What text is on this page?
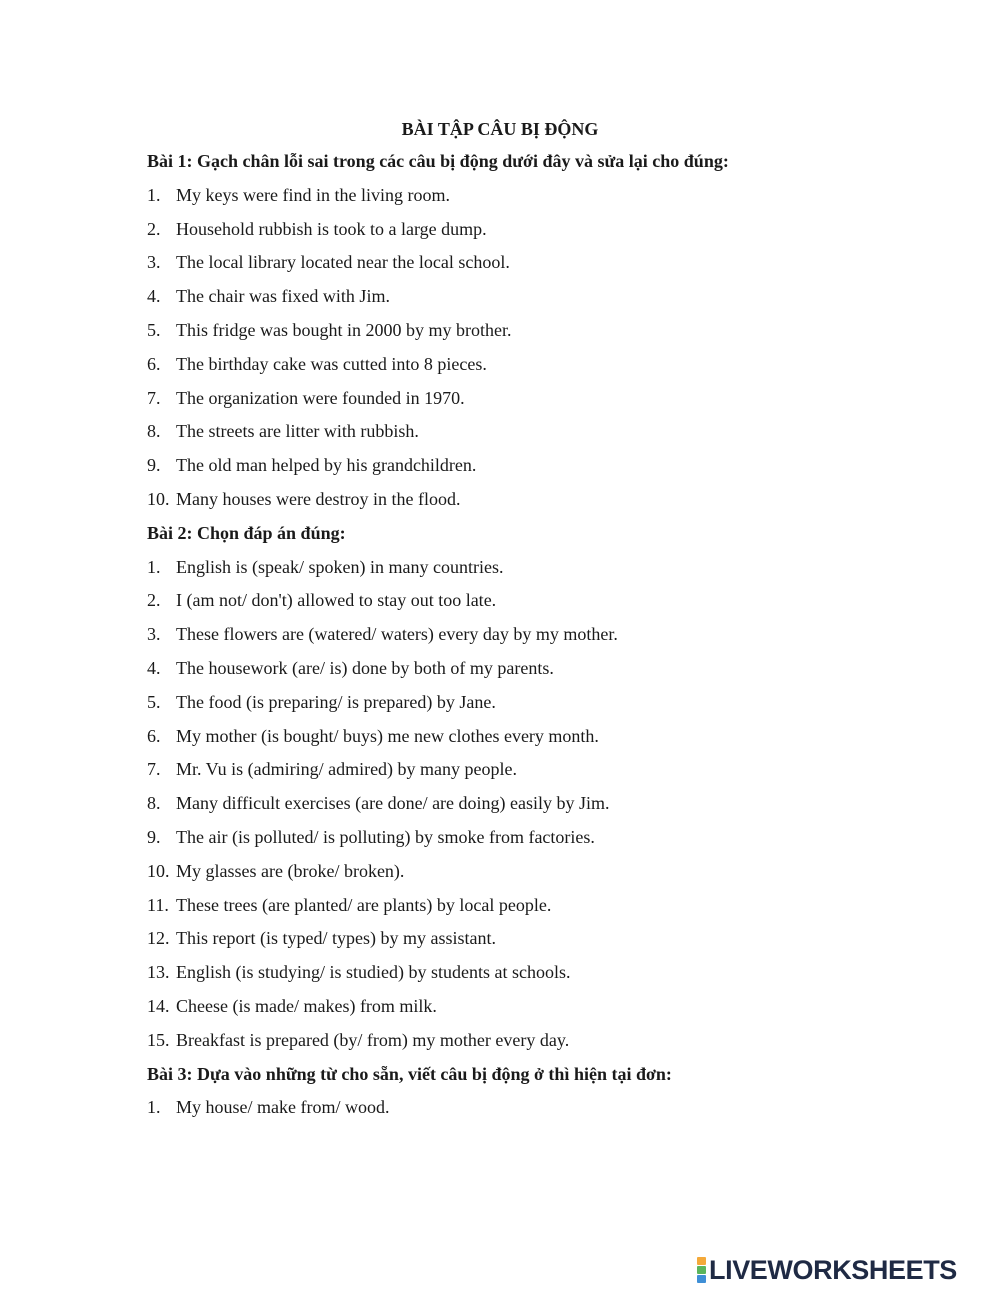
BÀI TẬP CÂU BỊ ĐỘNG
Bài 1: Gạch chân lỗi sai trong các câu bị động dưới đây và sửa lại cho đúng:
1. My keys were find in the living room.
2. Household rubbish is took to a large dump.
3. The local library located near the local school.
4. The chair was fixed with Jim.
5. This fridge was bought in 2000 by my brother.
6. The birthday cake was cutted into 8 pieces.
7. The organization were founded in 1970.
8. The streets are litter with rubbish.
9. The old man helped by his grandchildren.
10. Many houses were destroy in the flood.
Bài 2: Chọn đáp án đúng:
1. English is (speak/ spoken) in many countries.
2. I (am not/ don't) allowed to stay out too late.
3. These flowers are (watered/ waters) every day by my mother.
4. The housework (are/ is) done by both of my parents.
5. The food (is preparing/ is prepared) by Jane.
6. My mother (is bought/ buys) me new clothes every month.
7. Mr. Vu is (admiring/ admired) by many people.
8. Many difficult exercises (are done/ are doing) easily by Jim.
9. The air (is polluted/ is polluting) by smoke from factories.
10. My glasses are (broke/ broken).
11. These trees (are planted/ are plants) by local people.
12. This report (is typed/ types) by my assistant.
13. English (is studying/ is studied) by students at schools.
14. Cheese (is made/ makes) from milk.
15. Breakfast is prepared (by/ from) my mother every day.
Bài 3: Dựa vào những từ cho sẵn, viết câu bị động ở thì hiện tại đơn:
1. My house/ make from/ wood.
LIVEWORKSHEETS
